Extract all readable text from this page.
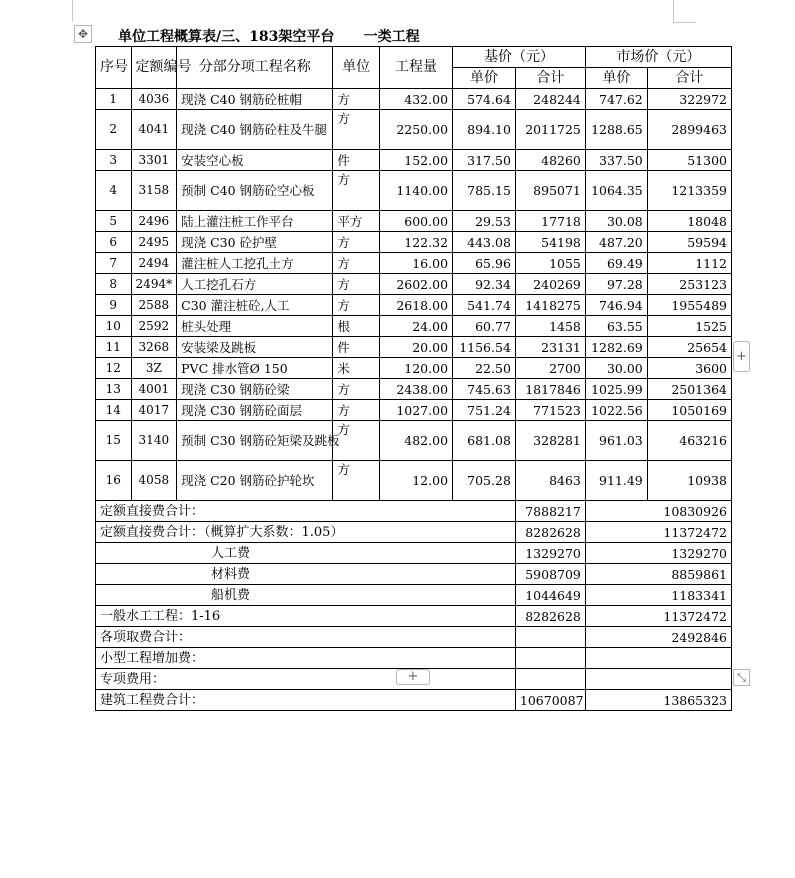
✥ 单位工程概算表/三、183架空平台      一类工程
序号	定额编号	分部分项工程名称	单位	工程量	基价（元）		市场价（元）	
					单价	合计	单价	合计
1	4036	现浇 C40 钢筋砼桩帽	方	432.00	574.64	248244	747.62	322972
2	4041	现浇 C40 钢筋砼柱及牛腿	方	2250.00	894.10	2011725	1288.65	2899463
3	3301	安装空心板	件	152.00	317.50	48260	337.50	51300
4	3158	预制 C40 钢筋砼空心板	方	1140.00	785.15	895071	1064.35	1213359
5	2496	陆上灌注桩工作平台	平方	600.00	29.53	17718	30.08	18048
6	2495	现浇 C30 砼护壁	方	122.32	443.08	54198	487.20	59594
7	2494	灌注桩人工挖孔土方	方	16.00	65.96	1055	69.49	1112
8	2494*	人工挖孔石方	方	2602.00	92.34	240269	97.28	253123
9	2588	C30 灌注桩砼,人工	方	2618.00	541.74	1418275	746.94	1955489
10	2592	桩头处理	根	24.00	60.77	1458	63.55	1525
11	3268	安装梁及跳板	件	20.00	1156.54	23131	1282.69	25654
12	3Z	PVC 排水管Ø 150	米	120.00	22.50	2700	30.00	3600
13	4001	现浇 C30 钢筋砼梁	方	2438.00	745.63	1817846	1025.99	2501364
14	4017	现浇 C30 钢筋砼面层	方	1027.00	751.24	771523	1022.56	1050169
15	3140	预制 C30 钢筋砼矩梁及跳板	方	482.00	681.08	328281	961.03	463216
16	4058	现浇 C20 钢筋砼护轮坎	方	12.00	705.28	8463	911.49	10938
定额直接费合计：						7888217	10830926	
定额直接费合计：（概算扩大系数：1.05）						8282628	11372472	
人工费						1329270	1329270	
材料费						5908709	8859861	
船机费						1044649	1183341	
一般水工工程：1-16						8282628	11372472	
各项取费合计：							2492846	
小型工程增加费：								
专项费用：								
建筑工程费合计：						10670087	13865323	
+
+	⤡
